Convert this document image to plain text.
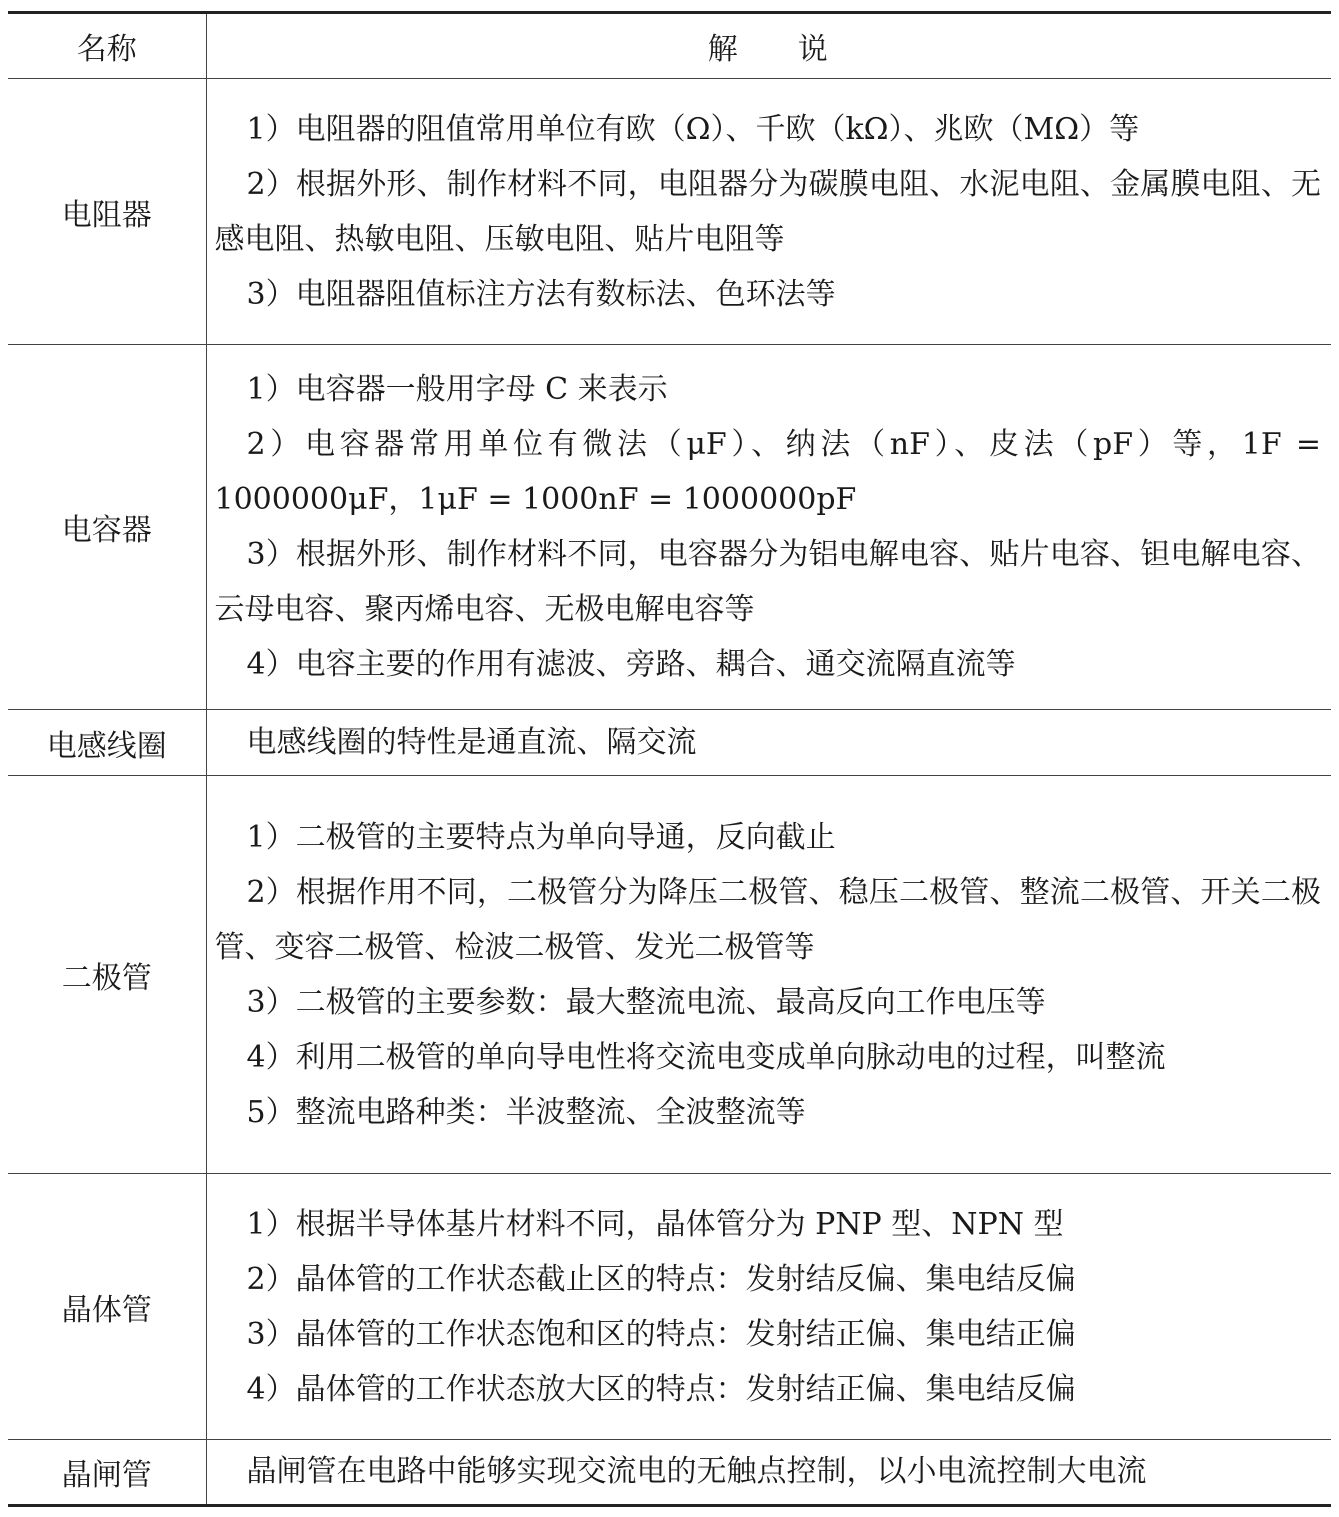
名称	解　　说
电阻器	1）电阻器的阻值常用单位有欧（Ω）、千欧（kΩ）、兆欧（MΩ）等
2）根据外形、制作材料不同，电阻器分为碳膜电阻、水泥电阻、金属膜电阻、无感电阻、热敏电阻、压敏电阻、贴片电阻等
3）电阻器阻值标注方法有数标法、色环法等

电容器	1）电容器一般用字母 C 来表示
2）电容器常用单位有微法（μF）、纳法（nF）、皮法（pF）等，1F = 1000000μF，1μF = 1000nF = 1000000pF
3）根据外形、制作材料不同，电容器分为铝电解电容、贴片电容、钽电解电容、云母电容、聚丙烯电容、无极电解电容等
4）电容主要的作用有滤波、旁路、耦合、通交流隔直流等

电感线圈	电感线圈的特性是通直流、隔交流

二极管	1）二极管的主要特点为单向导通，反向截止
2）根据作用不同，二极管分为降压二极管、稳压二极管、整流二极管、开关二极管、变容二极管、检波二极管、发光二极管等
3）二极管的主要参数：最大整流电流、最高反向工作电压等
4）利用二极管的单向导电性将交流电变成单向脉动电的过程，叫整流
5）整流电路种类：半波整流、全波整流等

晶体管	1）根据半导体基片材料不同，晶体管分为 PNP 型、NPN 型
2）晶体管的工作状态截止区的特点：发射结反偏、集电结反偏
3）晶体管的工作状态饱和区的特点：发射结正偏、集电结正偏
4）晶体管的工作状态放大区的特点：发射结正偏、集电结反偏

晶闸管	晶闸管在电路中能够实现交流电的无触点控制，以小电流控制大电流
